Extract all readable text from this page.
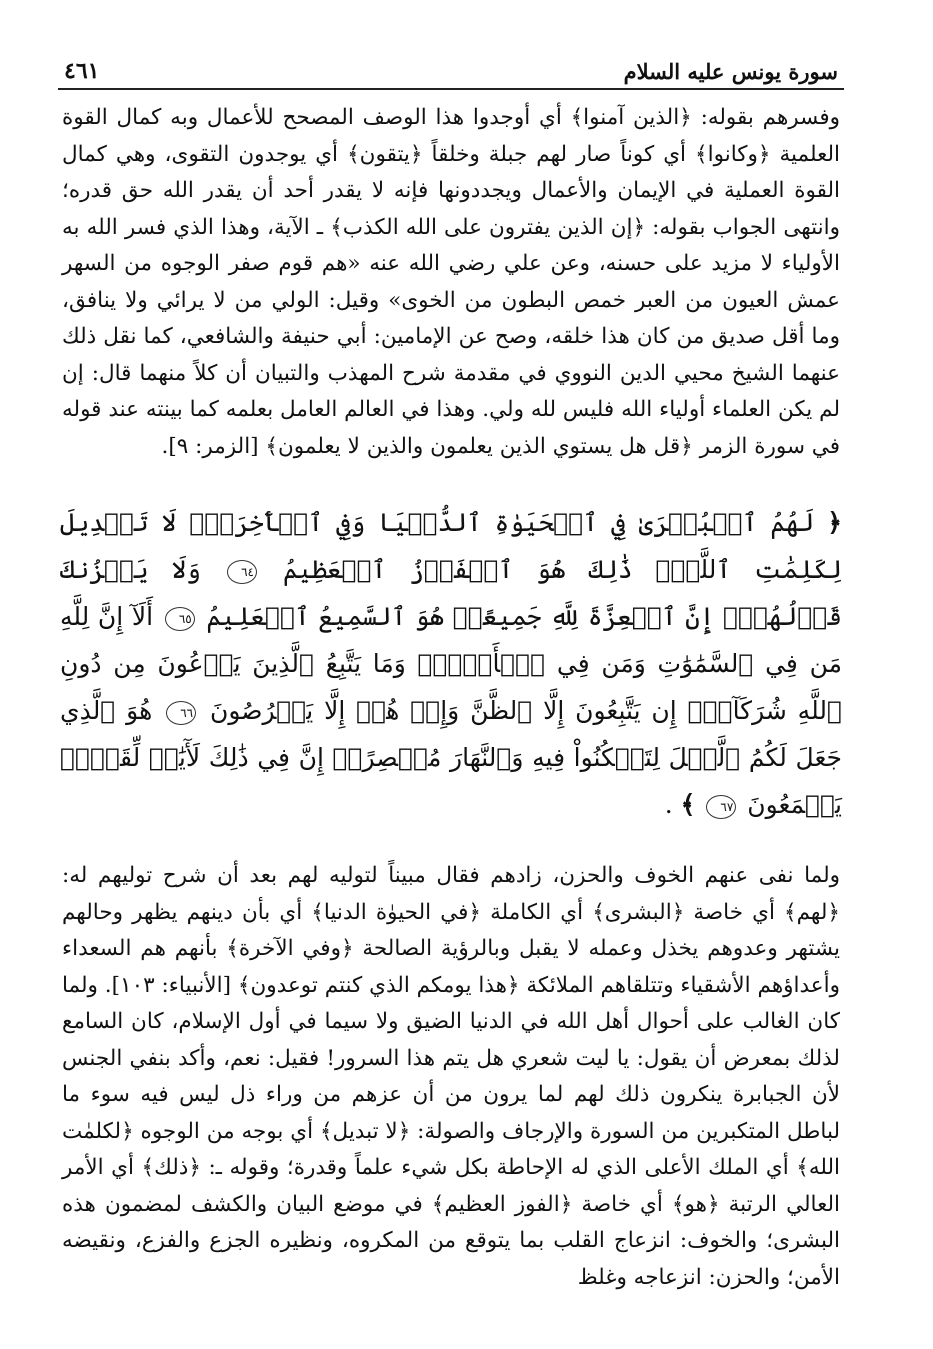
سورة يونس عليه السلام
٤٦١

وفسرهم بقوله: ﴿الذين آمنوا﴾ أي أوجدوا هذا الوصف المصحح للأعمال وبه كمال القوة العلمية ﴿وكانوا﴾ أي كوناً صار لهم جبلة وخلقاً ﴿يتقون﴾ أي يوجدون التقوى، وهي كمال القوة العملية في الإيمان والأعمال ويجددونها فإنه لا يقدر أحد أن يقدر الله حق قدره؛ وانتهى الجواب بقوله: ﴿إن الذين يفترون على الله الكذب﴾ ـ الآية، وهذا الذي فسر الله به الأولياء لا مزيد على حسنه، وعن علي رضي الله عنه «هم قوم صفر الوجوه من السهر عمش العيون من العبر خمص البطون من الخوى» وقيل: الولي من لا يرائي ولا ينافق، وما أقل صديق من كان هذا خلقه، وصح عن الإمامين: أبي حنيفة والشافعي، كما نقل ذلك عنهما الشيخ محيي الدين النووي في مقدمة شرح المهذب والتبيان أن كلاً منهما قال: إن لم يكن العلماء أولياء الله فليس لله ولي. وهذا في العالم العامل بعلمه كما بينته عند قوله في سورة الزمر ﴿قل هل يستوي الذين يعلمون والذين لا يعلمون﴾ [الزمر: ٩].

﴿ لَهُمُ ٱلۡبُشۡرَىٰ فِي ٱلۡحَيَوٰةِ ٱلدُّنۡيَا وَفِي ٱلۡأٓخِرَةِۚ لَا تَبۡدِيلَ لِكَلِمَٰتِ ٱللَّهِۚ ذَٰلِكَ هُوَ ٱلۡفَوۡزُ ٱلۡعَظِيمُ ٦٤ وَلَا يَحۡزُنكَ قَوۡلُهُمۡۘ إِنَّ ٱلۡعِزَّةَ لِلَّهِ جَمِيعًاۚ هُوَ ٱلسَّمِيعُ ٱلۡعَلِيمُ ٦٥ أَلَآ إِنَّ لِلَّهِ مَن فِي ٱلسَّمَٰوَٰتِ وَمَن فِي ٱلۡأَرۡضِۗ وَمَا يَتَّبِعُ ٱلَّذِينَ يَدۡعُونَ مِن دُونِ ٱللَّهِ شُرَكَآءَۚ إِن يَتَّبِعُونَ إِلَّا ٱلظَّنَّ وَإِنۡ هُمۡ إِلَّا يَخۡرُصُونَ ٦٦ هُوَ ٱلَّذِي جَعَلَ لَكُمُ ٱلَّيۡلَ لِتَسۡكُنُواْ فِيهِ وَٱلنَّهَارَ مُبۡصِرًاۚ إِنَّ فِي ذَٰلِكَ لَأٓيَٰتٖ لِّقَوۡمٖ يَسۡمَعُونَ ٦٧ ﴾ .

ولما نفى عنهم الخوف والحزن، زادهم فقال مبيناً لتوليه لهم بعد أن شرح توليهم له: ﴿لهم﴾ أي خاصة ﴿البشرى﴾ أي الكاملة ﴿في الحيوٰة الدنيا﴾ أي بأن دينهم يظهر وحالهم يشتهر وعدوهم يخذل وعمله لا يقبل وبالرؤية الصالحة ﴿وفي الآخرة﴾ بأنهم هم السعداء وأعداؤهم الأشقياء وتتلقاهم الملائكة ﴿هذا يومكم الذي كنتم توعدون﴾ [الأنبياء: ١٠٣]. ولما كان الغالب على أحوال أهل الله في الدنيا الضيق ولا سيما في أول الإسلام، كان السامع لذلك بمعرض أن يقول: يا ليت شعري هل يتم هذا السرور! فقيل: نعم، وأكد بنفي الجنس لأن الجبابرة ينكرون ذلك لهم لما يرون من أن عزهم من وراء ذل ليس فيه سوء ما لباطل المتكبرين من السورة والإرجاف والصولة: ﴿لا تبديل﴾ أي بوجه من الوجوه ﴿لكلمٰت الله﴾ أي الملك الأعلى الذي له الإحاطة بكل شيء علماً وقدرة؛ وقوله ـ: ﴿ذلك﴾ أي الأمر العالي الرتبة ﴿هو﴾ أي خاصة ﴿الفوز العظيم﴾ في موضع البيان والكشف لمضمون هذه البشرى؛ والخوف: انزعاج القلب بما يتوقع من المكروه، ونظيره الجزع والفزع، ونقيضه الأمن؛ والحزن: انزعاجه وغلظ
